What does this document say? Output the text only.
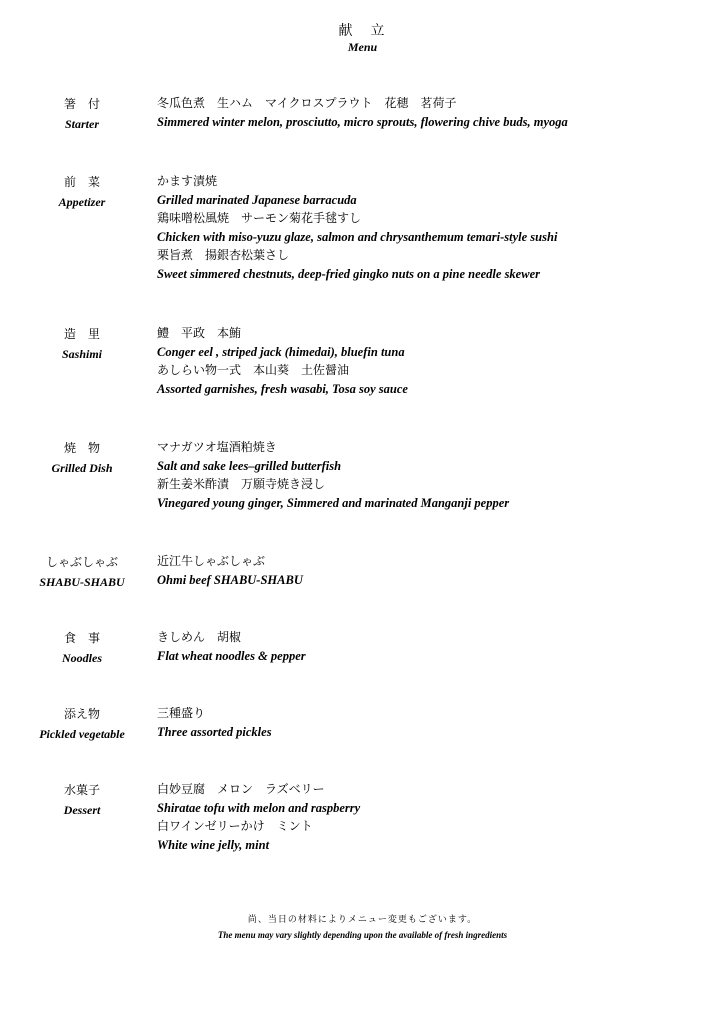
献　立
Menu
箸　付
Starter
冬瓜色煮　生ハム　マイクロスプラウト　花穂　茗荷子
Simmered winter melon, prosciutto, micro sprouts, flowering chive buds, myoga
前　菜
Appetizer
かます漬焼
Grilled marinated Japanese barracuda
鶏味噌松風焼　サーモン菊花手毬すし
Chicken with miso-yuzu glaze, salmon and chrysanthemum temari-style sushi
栗旨煮　揚銀杏松葉さし
Sweet simmered chestnuts, deep-fried gingko nuts on a pine needle skewer
造　里
Sashimi
鱧　平政　本鮪
Conger eel , striped jack (himedai), bluefin tuna
あしらい物一式　本山葵　土佐醤油
Assorted garnishes, fresh wasabi, Tosa soy sauce
焼　物
Grilled Dish
マナガツオ塩酒粕焼き
Salt and sake lees–grilled butterfish
新生姜米酢漬　万願寺焼き浸し
Vinegared young ginger, Simmered and marinated Manganji pepper
しゃぶしゃぶ
SHABU-SHABU
近江牛しゃぶしゃぶ
Ohmi beef SHABU-SHABU
食　事
Noodles
きしめん　胡椒
Flat wheat noodles & pepper
添え物
Pickled vegetable
三種盛り
Three assorted pickles
水菓子
Dessert
白妙豆腐　メロン　ラズベリー
Shiratae tofu with melon and raspberry
白ワインゼリーかけ　ミント
White wine jelly, mint
尚、当日の材料によりメニュー変更もございます。
The menu may vary slightly depending upon the available of fresh ingredients
